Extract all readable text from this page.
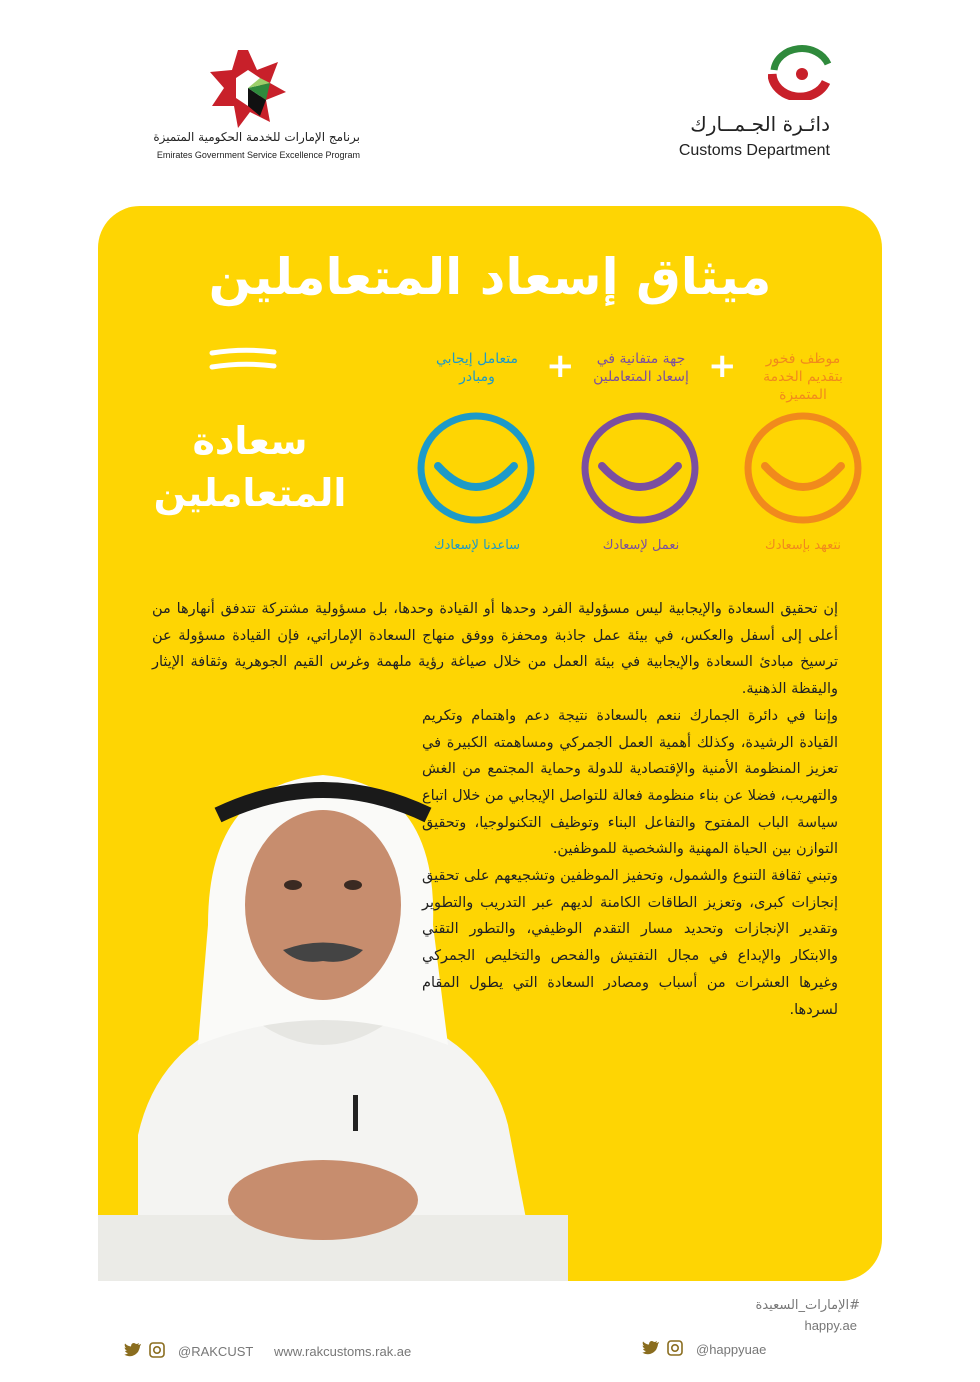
برنامج الإمارات للخدمة الحكومية المتميزة
Emirates Government Service Excellence Program
دائـرة الجـمــارك
Customs Department
ميثاق إسعاد المتعاملين
سعادة
المتعاملين
موظف فخور
بتقديم الخدمة المتميزة
+
جهة متفانية في
إسعاد المتعاملين
+
متعامل إيجابي
ومبادر
نتعهد بإسعادك
نعمل لإسعادك
ساعدنا لإسعادك

إن تحقيق السعادة والإيجابية ليس مسؤولية الفرد وحدها أو القيادة وحدها، بل مسؤولية مشتركة تتدفق أنهارها من أعلى إلى أسفل والعكس، في بيئة عمل جاذبة ومحفزة ووفق منهاج السعادة الإماراتي، فإن القيادة مسؤولة عن ترسيخ مبادئ السعادة والإيجابية في بيئة العمل من خلال صياغة رؤية ملهمة وغرس القيم الجوهرية وثقافة الإيثار واليقظة الذهنية.

وإننا في دائرة الجمارك ننعم بالسعادة نتيجة دعم واهتمام وتكريم القيادة الرشيدة، وكذلك أهمية العمل الجمركي ومساهمته الكبيرة في تعزيز المنظومة الأمنية والإقتصادية للدولة وحماية المجتمع من الغش والتهريب، فضلا عن بناء منظومة فعالة للتواصل الإيجابي من خلال اتباع سياسة الباب المفتوح والتفاعل البناء وتوظيف التكنولوجيا، وتحقيق التوازن بين الحياة المهنية والشخصية للموظفين.

وتبني ثقافة التنوع والشمول، وتحفيز الموظفين وتشجيعهم على تحقيق إنجازات كبرى، وتعزيز الطاقات الكامنة لديهم عبر التدريب والتطوير وتقدير الإنجازات وتحديد مسار التقدم الوظيفي، والتطور التقني والابتكار والإبداع في مجال التفتيش والفحص والتخليص الجمركي وغيرها العشرات من أسباب ومصادر السعادة التي يطول المقام لسردها.

#الإمارات_السعيدة
happy.ae
@RAKCUST www.rakcustoms.rak.ae	@happyuae
